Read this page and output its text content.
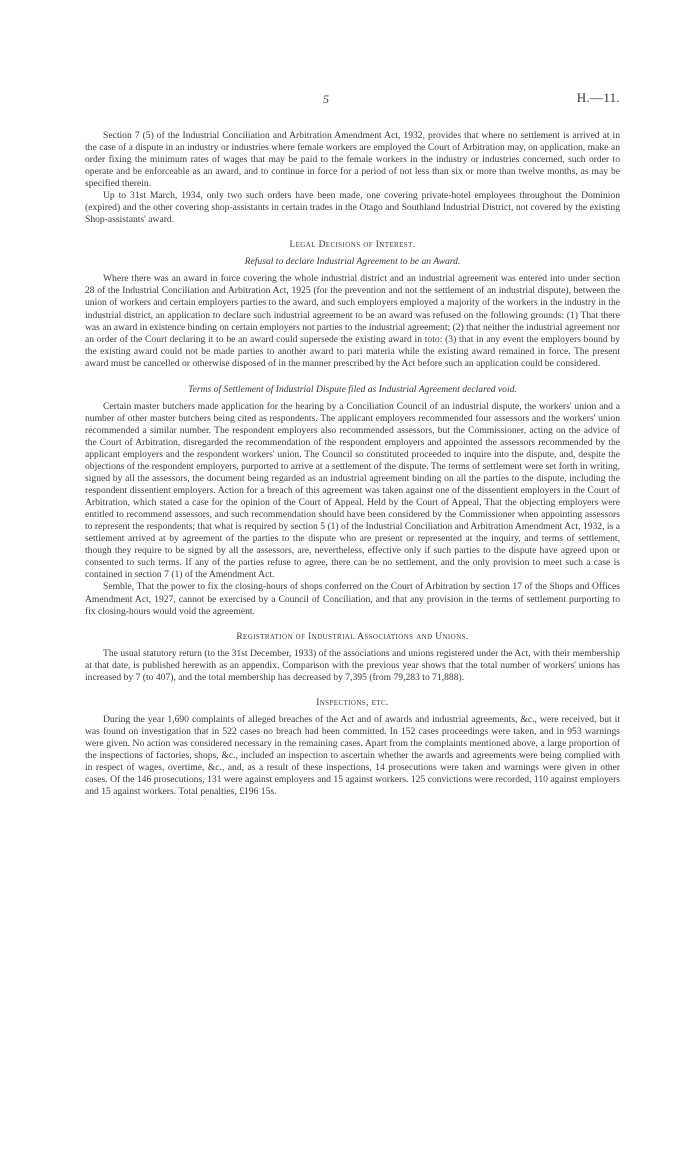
5	H.—11.

Section 7 (5) of the Industrial Conciliation and Arbitration Amendment Act, 1932, provides that where no settlement is arrived at in the case of a dispute in an industry or industries where female workers are employed the Court of Arbitration may, on application, make an order fixing the minimum rates of wages that may be paid to the female workers in the industry or industries concerned, such order to operate and be enforceable as an award, and to continue in force for a period of not less than six or more than twelve months, as may be specified therein.

Up to 31st March, 1934, only two such orders have been made, one covering private-hotel employees throughout the Dominion (expired) and the other covering shop-assistants in certain trades in the Otago and Southland Industrial District, not covered by the existing Shop-assistants' award.

Legal Decisions of Interest.
Refusal to declare Industrial Agreement to be an Award.

Where there was an award in force covering the whole industrial district and an industrial agreement was entered into under section 28 of the Industrial Conciliation and Arbitration Act, 1925 (for the prevention and not the settlement of an industrial dispute), between the union of workers and certain employers parties to the award, and such employers employed a majority of the workers in the industry in the industrial district, an application to declare such industrial agreement to be an award was refused on the following grounds: (1) That there was an award in existence binding on certain employers not parties to the industrial agreement; (2) that neither the industrial agreement nor an order of the Court declaring it to be an award could supersede the existing award in toto: (3) that in any event the employers bound by the existing award could not be made parties to another award to pari materia while the existing award remained in force. The present award must be cancelled or otherwise disposed of in the manner prescribed by the Act before such an application could be considered.

Terms of Settlement of Industrial Dispute filed as Industrial Agreement declared void.

Certain master butchers made application for the hearing by a Conciliation Council of an industrial dispute, the workers' union and a number of other master butchers being cited as respondents. The applicant employers recommended four assessors and the workers' union recommended a similar number. The respondent employers also recommended assessors, but the Commissioner, acting on the advice of the Court of Arbitration, disregarded the recommendation of the respondent employers and appointed the assessors recommended by the applicant employers and the respondent workers' union. The Council so constituted proceeded to inquire into the dispute, and, despite the objections of the respondent employers, purported to arrive at a settlement of the dispute. The terms of settlement were set forth in writing, signed by all the assessors, the document being regarded as an industrial agreement binding on all the parties to the dispute, including the respondent dissentient employers. Action for a breach of this agreement was taken against one of the dissentient employers in the Court of Arbitration, which stated a case for the opinion of the Court of Appeal. Held by the Court of Appeal, That the objecting employers were entitled to recommend assessors, and such recommendation should have been considered by the Commissioner when appointing assessors to represent the respondents; that what is required by section 5 (1) of the Industrial Conciliation and Arbitration Amendment Act, 1932, is a settlement arrived at by agreement of the parties to the dispute who are present or represented at the inquiry, and terms of settlement, though they require to be signed by all the assessors, are, nevertheless, effective only if such parties to the dispute have agreed upon or consented to such terms. If any of the parties refuse to agree, there can be no settlement, and the only provision to meet such a case is contained in section 7 (1) of the Amendment Act.

Semble, That the power to fix the closing-hours of shops conferred on the Court of Arbitration by section 17 of the Shops and Offices Amendment Act, 1927, cannot be exercised by a Council of Conciliation, and that any provision in the terms of settlement purporting to fix closing-hours would void the agreement.

Registration of Industrial Associations and Unions.

The usual statutory return (to the 31st December, 1933) of the associations and unions registered under the Act, with their membership at that date, is published herewith as an appendix. Comparison with the previous year shows that the total number of workers' unions has increased by 7 (to 407), and the total membership has decreased by 7,395 (from 79,283 to 71,888).

Inspections, etc.

During the year 1,690 complaints of alleged breaches of the Act and of awards and industrial agreements, &c., were received, but it was found on investigation that in 522 cases no breach had been committed. In 152 cases proceedings were taken, and in 953 warnings were given. No action was considered necessary in the remaining cases. Apart from the complaints mentioned above, a large proportion of the inspections of factories, shops, &c., included an inspection to ascertain whether the awards and agreements were being complied with in respect of wages, overtime, &c., and, as a result of these inspections, 14 prosecutions were taken and warnings were given in other cases. Of the 146 prosecutions, 131 were against employers and 15 against workers. 125 convictions were recorded, 110 against employers and 15 against workers. Total penalties, £196 15s.
